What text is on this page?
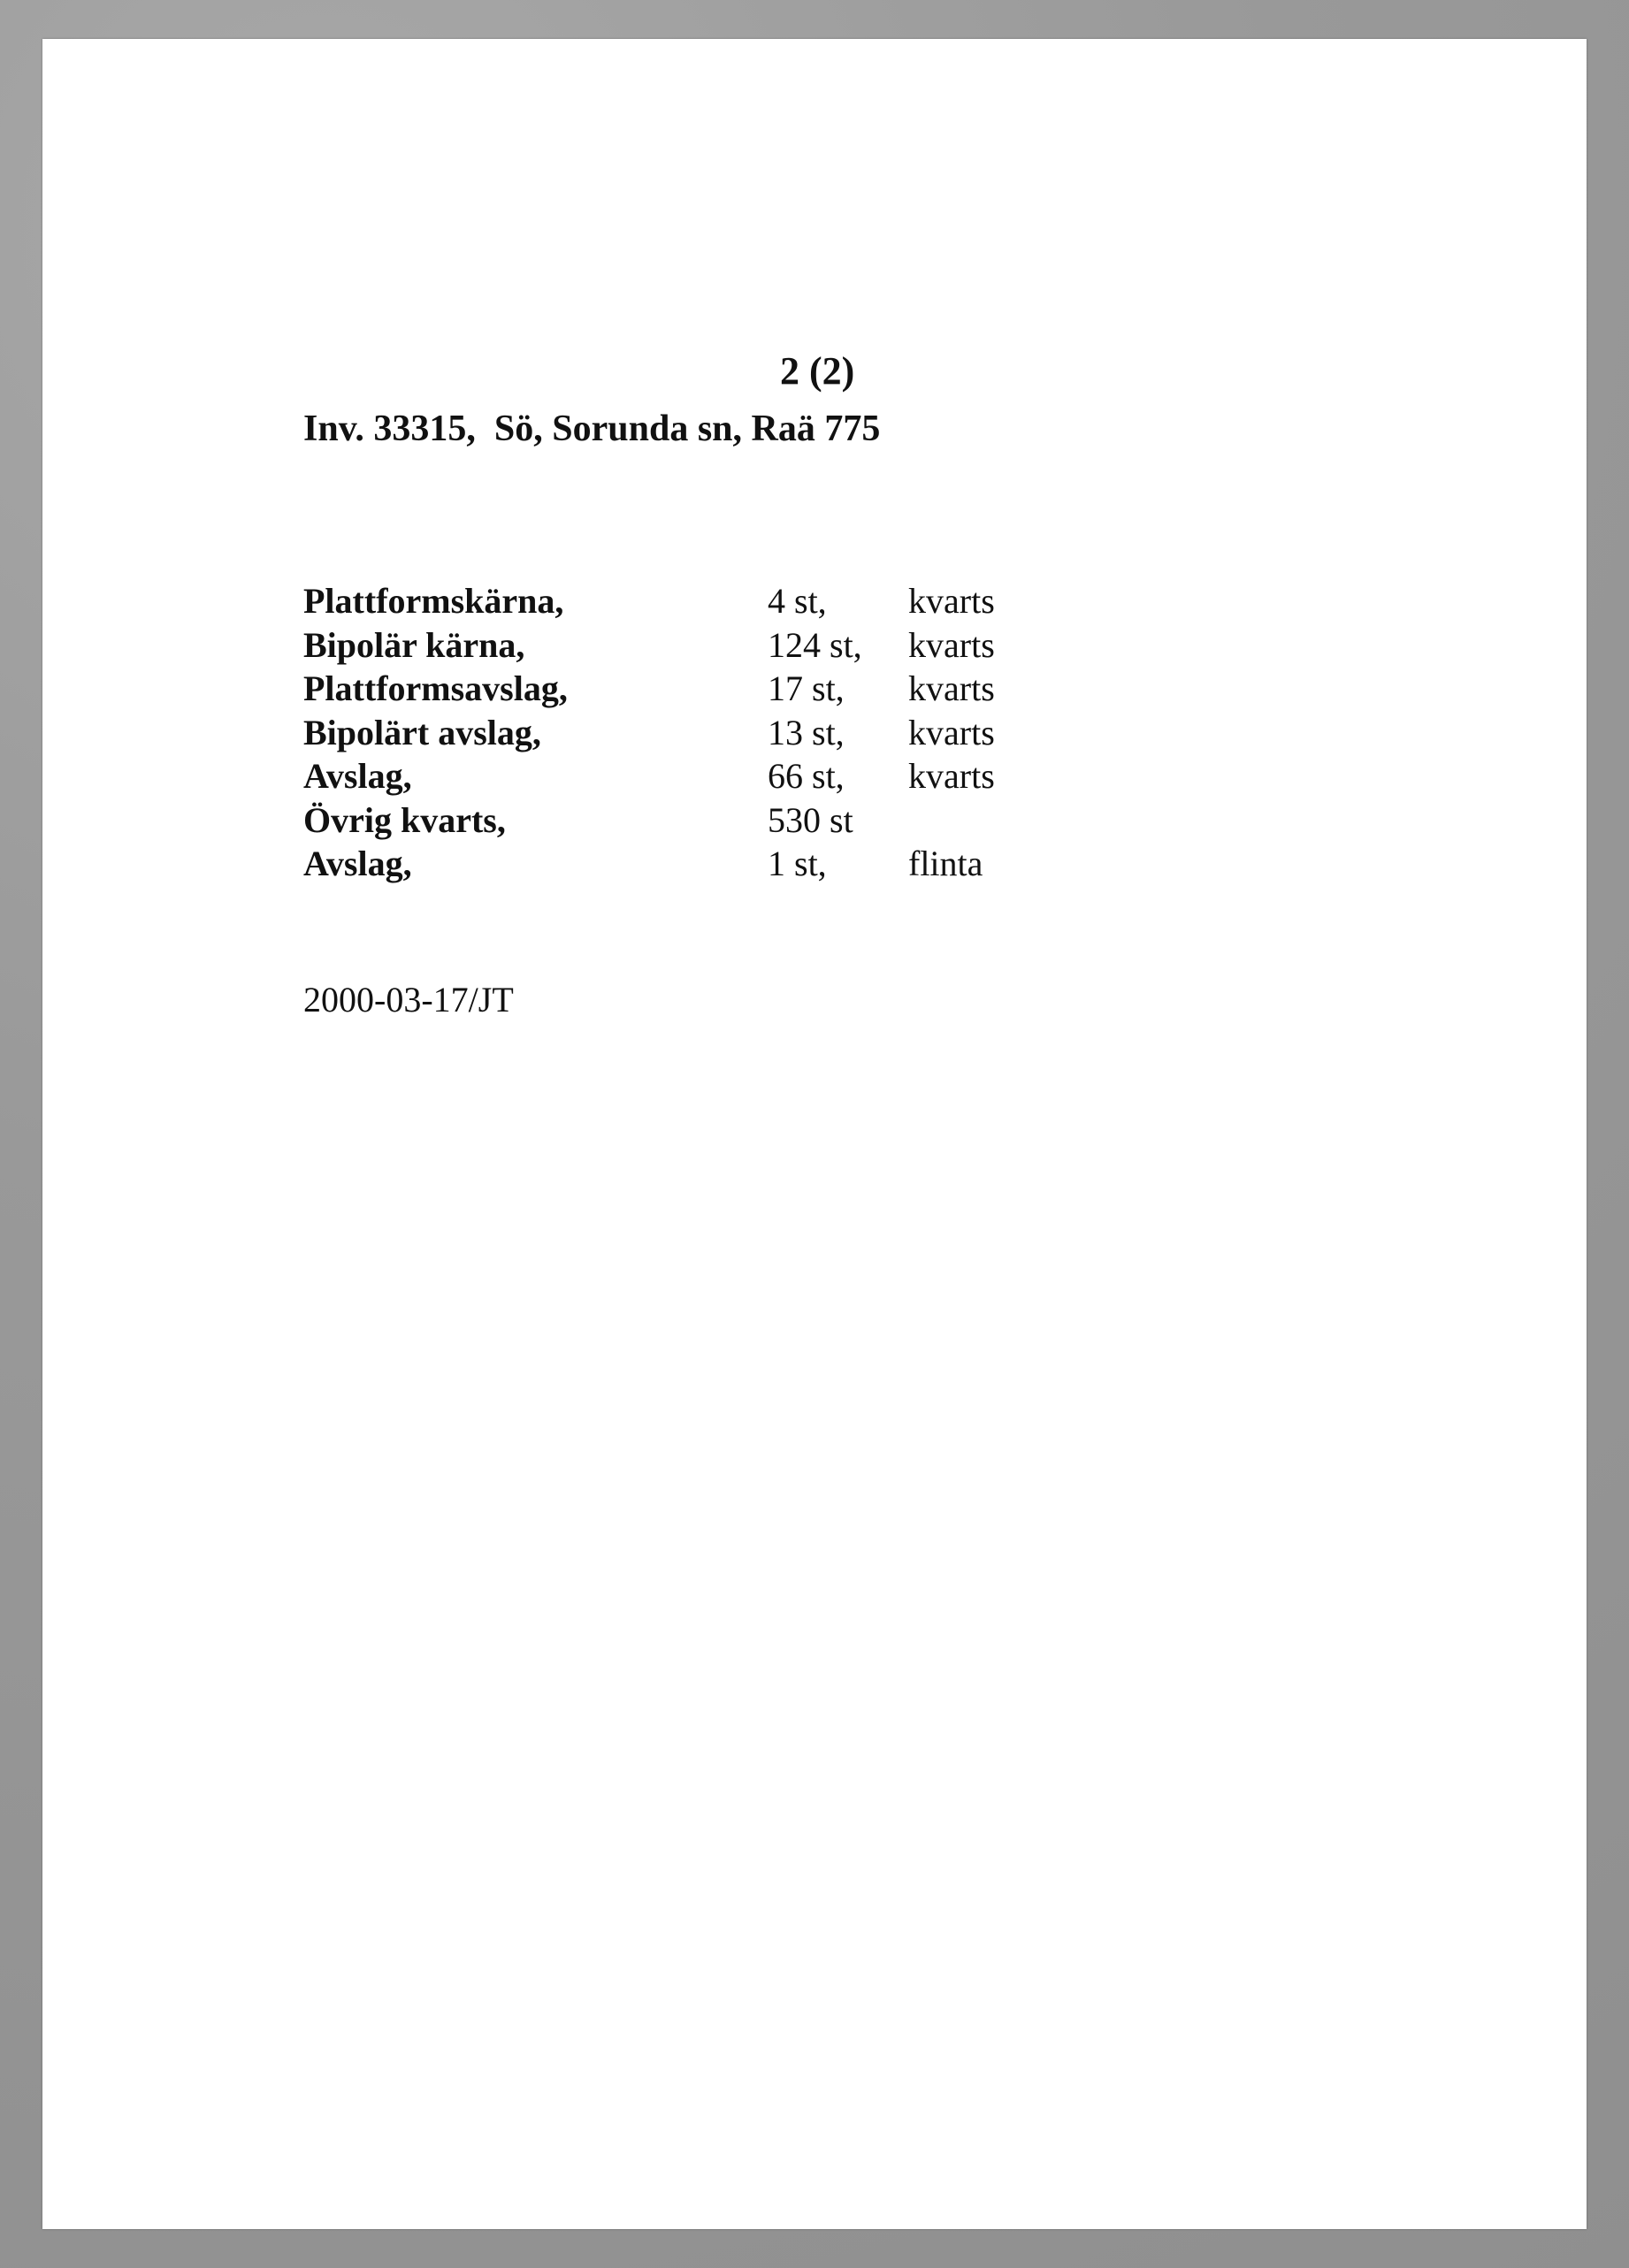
2 (2)
Inv. 33315,  Sö, Sorunda sn, Raä 775
Plattformskärna,	4 st, kvarts
Bipolär kärna,	124 st, kvarts
Plattformsavslag,	17 st, kvarts
Bipolärt avslag,	13 st, kvarts
Avslag,	66 st, kvarts
Övrig kvarts,	530 st
Avslag,	1 st, flinta
2000-03-17/JT
